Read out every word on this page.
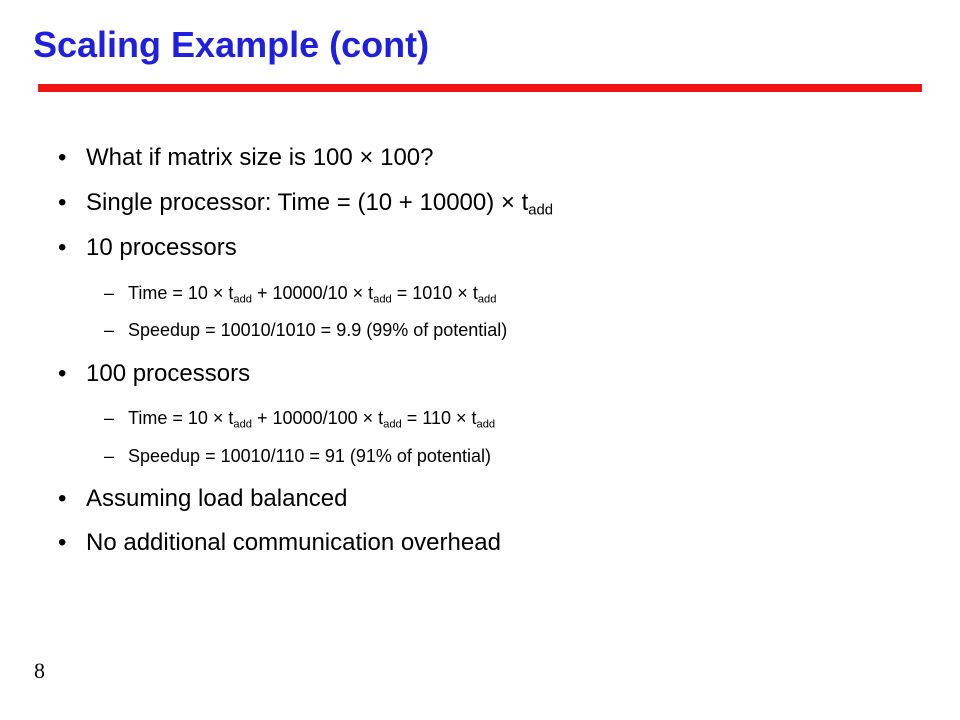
Scaling Example (cont)
• What if matrix size is 100 × 100?
• Single processor: Time = $(10 + 10000) \times t_{add}$
• 10 processors
– Time = $10 \times t_{add} + 10000/10 \times t_{add} = 1010 \times t_{add}$
– Speedup = 10010/1010 = 9.9 (99% of potential)
• 100 processors
– Time = $10 \times t_{add} + 10000/100 \times t_{add} = 110 \times t_{add}$
– Speedup = 10010/110 = 91 (91% of potential)
• Assuming load balanced
• No additional communication overhead
8
